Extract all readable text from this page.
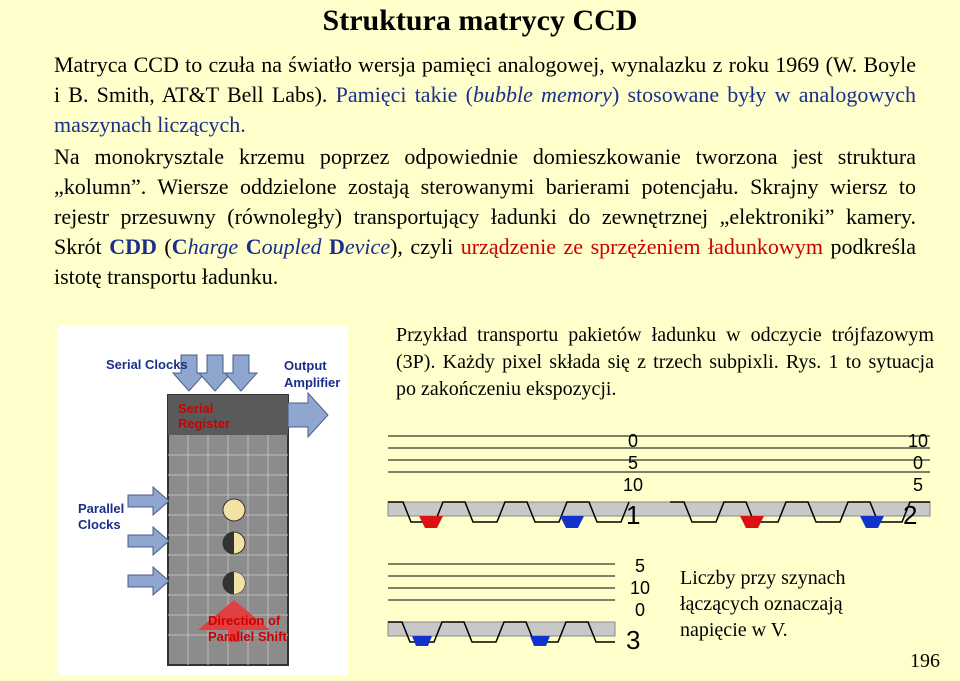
Struktura matrycy CCD
Matryca CCD to czuła na światło wersja pamięci analogowej, wynalazku z roku 1969 (W. Boyle i B. Smith, AT&T Bell Labs). Pamięci takie (bubble memory) stosowane były w analogowych maszynach liczących.
Na monokrysztale krzemu poprzez odpowiednie domieszkowanie tworzona jest struktura „kolumn”. Wiersze oddzielone zostają sterowanymi barierami potencjału. Skrajny wiersz to rejestr przesuwny (równoległy) transportujący ładunki do zewnętrznej „elektroniki” kamery. Skrót CDD (Charge Coupled Device), czyli urządzenie ze sprzężeniem ładunkowym podkreśla istotę transportu ładunku.
Przykład transportu pakietów ładunku w odczycie trójfazowym (3P). Każdy pixel składa się z trzech subpixli. Rys. 1 to sytuacja po zakończeniu ekspozycji.
Serial Clocks	Output
Amplifier
Serial
Register
Parallel
Clocks
Direction of
Parallel Shift
0
5
10
1
10
0
5
2
5
10
0
3
Liczby przy szynach łączących oznaczają napięcie w V.
196
